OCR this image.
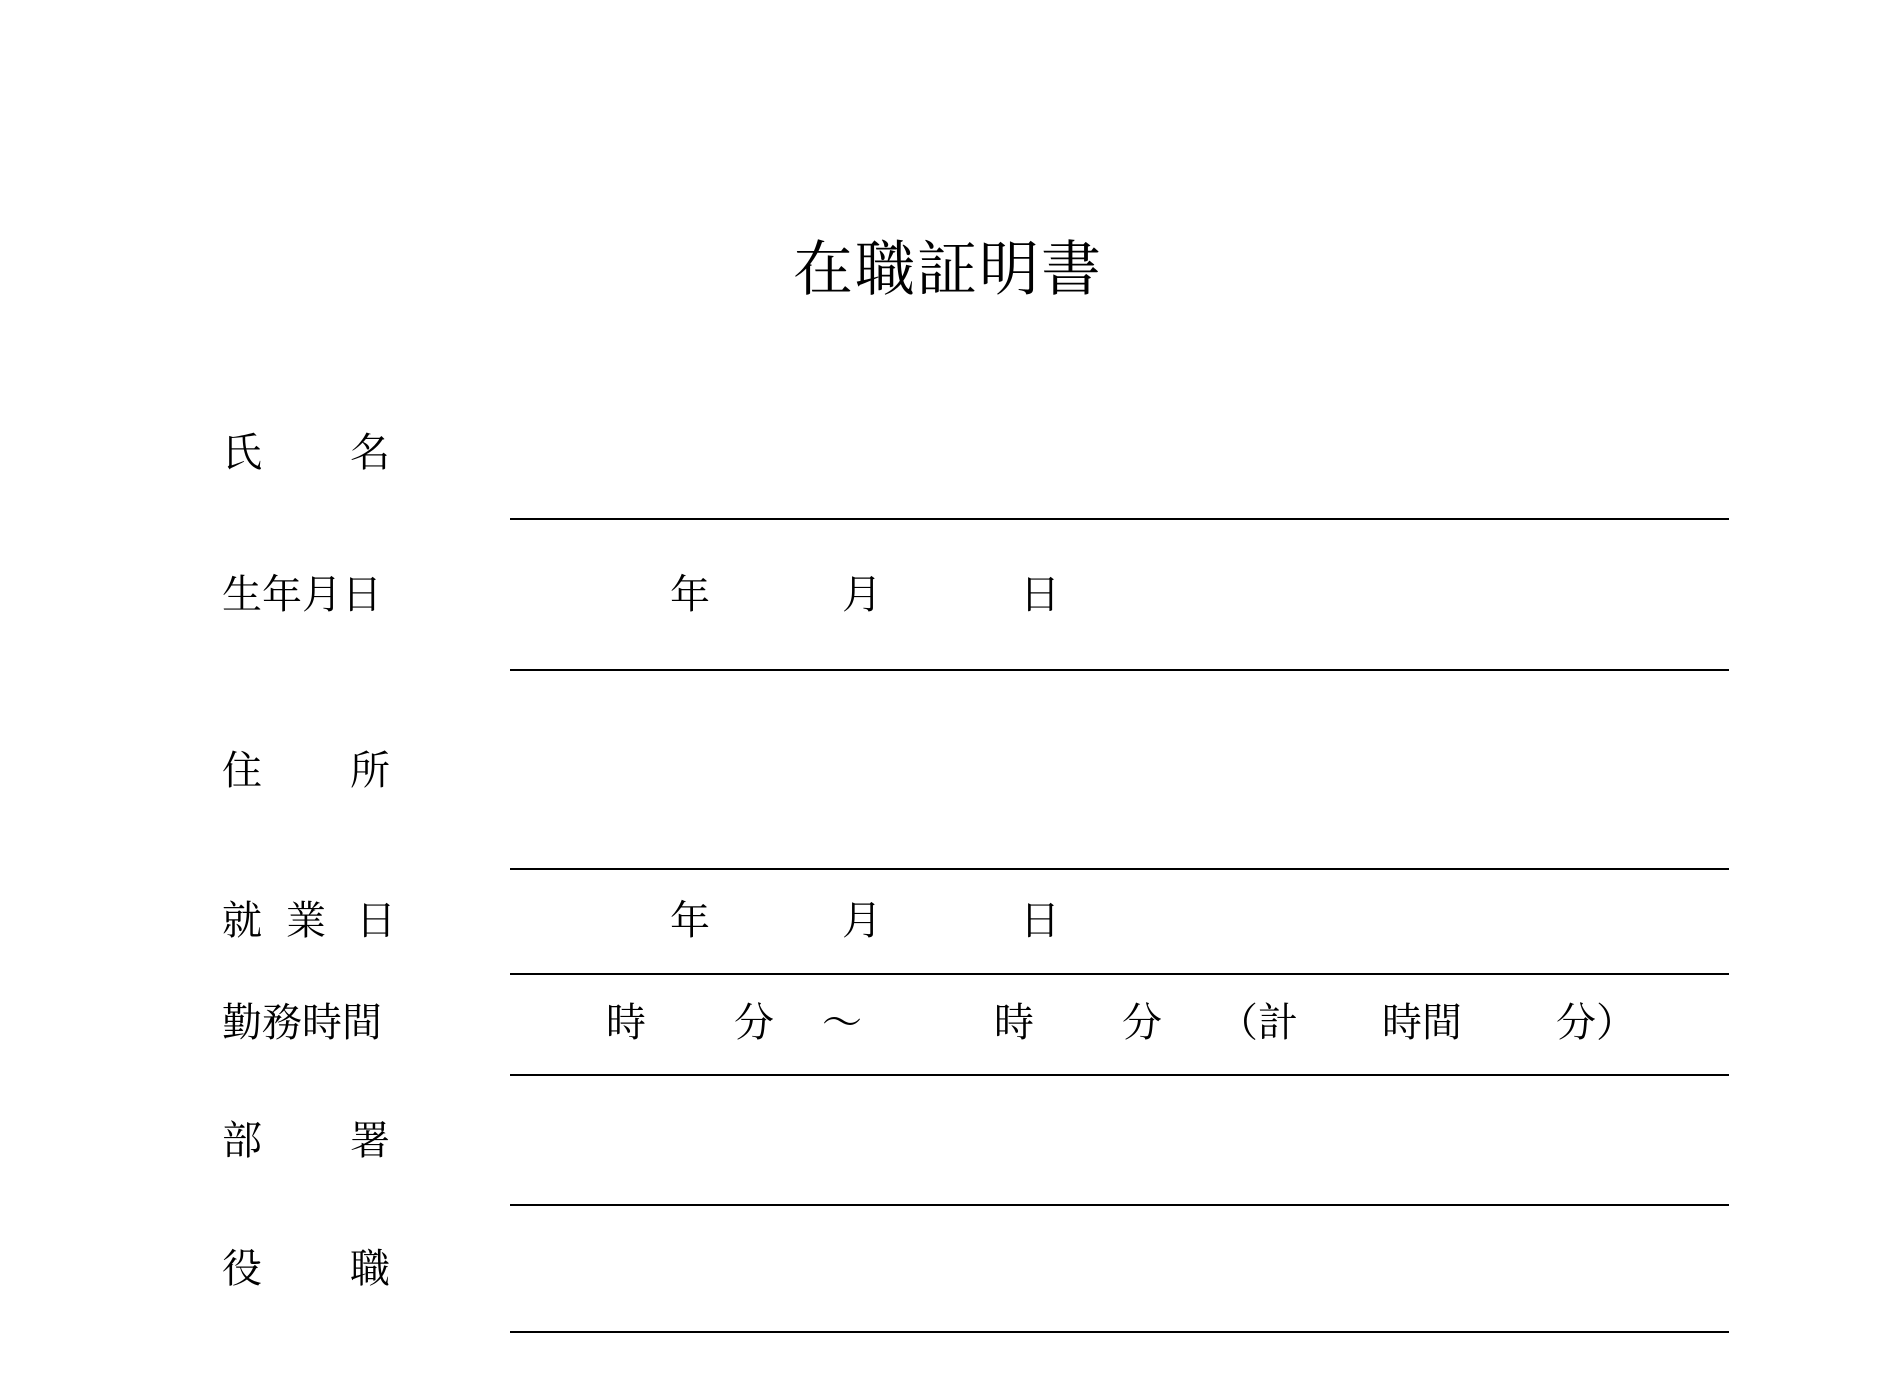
在職証明書
氏 名
生年月日	年	月	日
住 所
就 業 日	年	月	日
勤務時間	時 分 ～	時 分 （計 時間 分）
部 署
役 職
